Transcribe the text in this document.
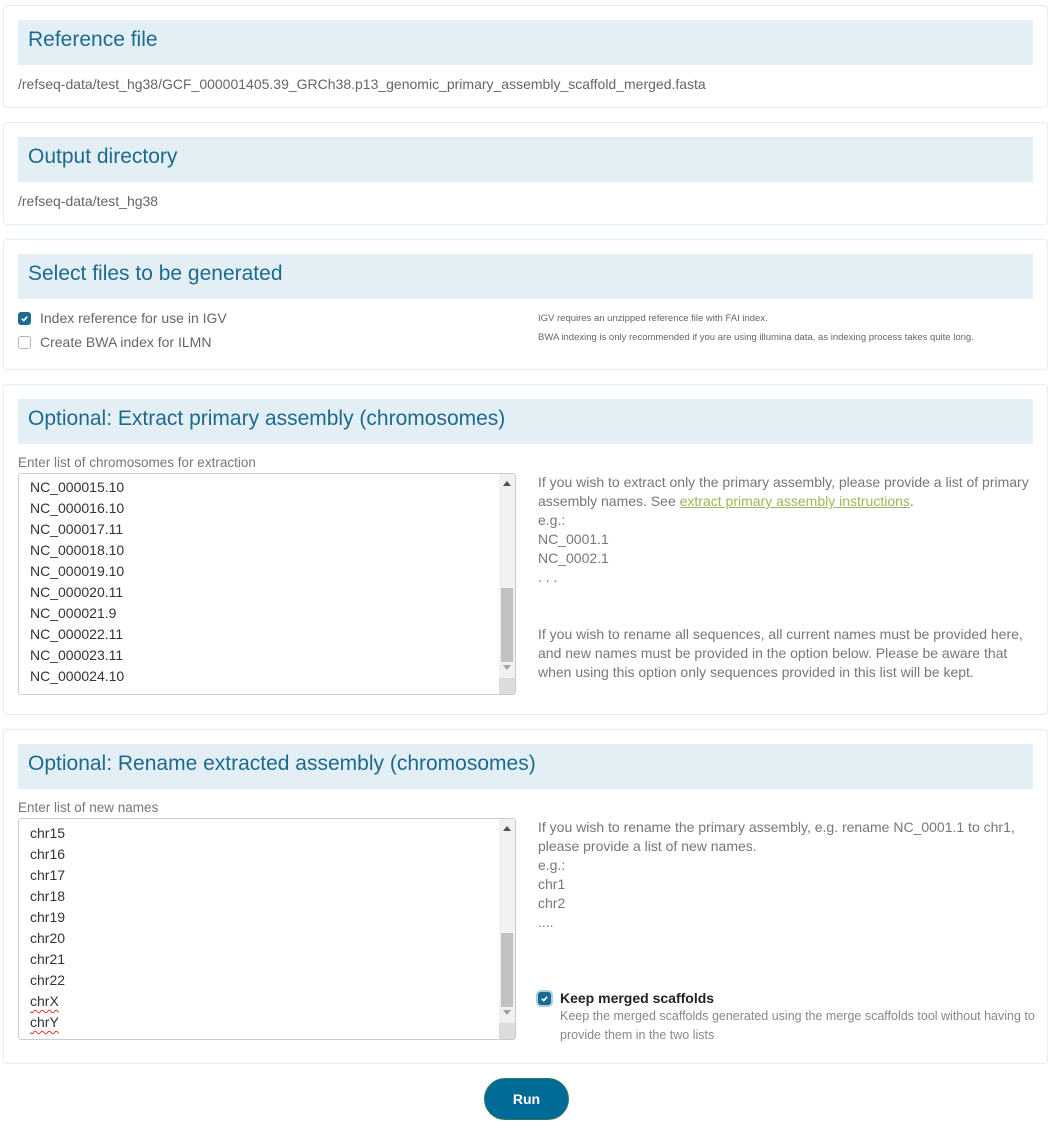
Reference file
/refseq-data/test_hg38/GCF_000001405.39_GRCh38.p13_genomic_primary_assembly_scaffold_merged.fasta
Output directory
/refseq-data/test_hg38
Select files to be generated
Index reference for use in IGV
Create BWA index for ILMN
IGV requires an unzipped reference file with FAI index.
BWA indexing is only recommended if you are using illumina data, as indexing process takes quite long.
Optional: Extract primary assembly (chromosomes)
Enter list of chromosomes for extraction
NC_000015.10
NC_000016.10
NC_000017.11
NC_000018.10
NC_000019.10
NC_000020.11
NC_000021.9
NC_000022.11
NC_000023.11
NC_000024.10
If you wish to extract only the primary assembly, please provide a list of primary assembly names. See extract primary assembly instructions.
e.g.:
NC_0001.1
NC_0002.1
. . .
If you wish to rename all sequences, all current names must be provided here, and new names must be provided in the option below. Please be aware that when using this option only sequences provided in this list will be kept.
Optional: Rename extracted assembly (chromosomes)
Enter list of new names
chr15
chr16
chr17
chr18
chr19
chr20
chr21
chr22
chrX
chrY
If you wish to rename the primary assembly, e.g. rename NC_0001.1 to chr1, please provide a list of new names.
e.g.:
chr1
chr2
....
Keep merged scaffolds
Keep the merged scaffolds generated using the merge scaffolds tool without having to provide them in the two lists
Run
